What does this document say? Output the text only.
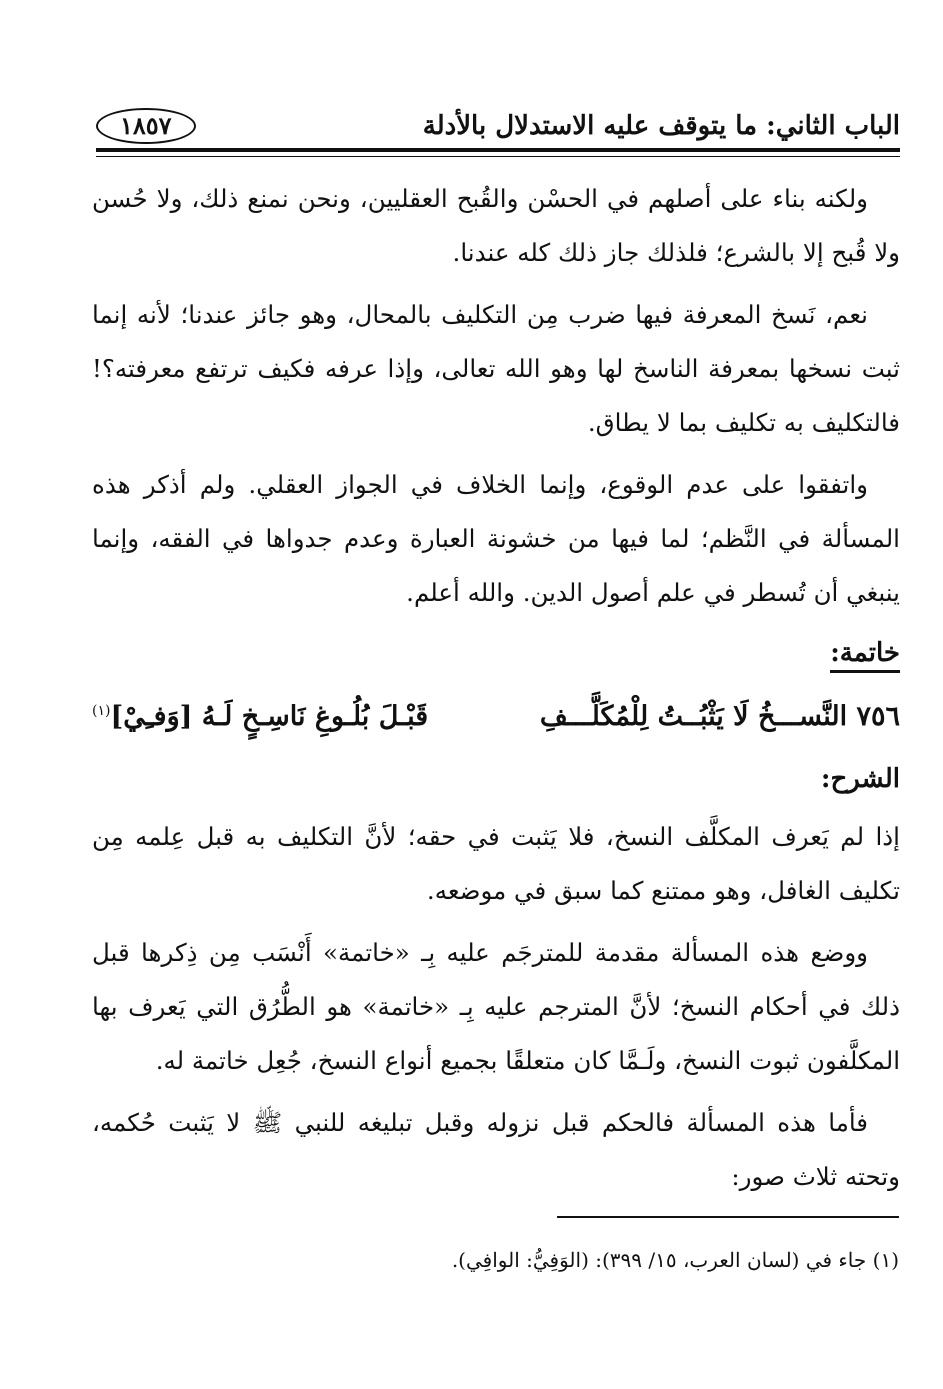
الباب الثاني: ما يتوقف عليه الاستدلال بالأدلة
١٨٥٧

ولكنه بناء على أصلهم في الحسْن والقُبح العقليين، ونحن نمنع ذلك، ولا حُسن ولا قُبح إلا بالشرع؛ فلذلك جاز ذلك كله عندنا.

نعم، نَسخ المعرفة فيها ضرب مِن التكليف بالمحال، وهو جائز عندنا؛ لأنه إنما ثبت نسخها بمعرفة الناسخ لها وهو الله تعالى، وإذا عرفه فكيف ترتفع معرفته؟! فالتكليف به تكليف بما لا يطاق.

واتفقوا على عدم الوقوع، وإنما الخلاف في الجواز العقلي. ولم أذكر هذه المسألة في النَّظم؛ لما فيها من خشونة العبارة وعدم جدواها في الفقه، وإنما ينبغي أن تُسطر في علم أصول الدين. والله أعلم.

خاتمة:
٧٥٦ النَّســـخُ لَا يَثْبُــتُ لِلْمُكَلَّـــفِ
قَبْـلَ بُلُـوغِ نَاسِـخٍ لَـهُ [وَفـِيْ]$^{(١)}$
الشرح:

إذا لم يَعرف المكلَّف النسخ، فلا يَثبت في حقه؛ لأنَّ التكليف به قبل عِلمه مِن تكليف الغافل، وهو ممتنع كما سبق في موضعه.

ووضع هذه المسألة مقدمة للمترجَم عليه بِـ «خاتمة» أَنْسَب مِن ذِكرها قبل ذلك في أحكام النسخ؛ لأنَّ المترجم عليه بِـ «خاتمة» هو الطُّرُق التي يَعرف بها المكلَّفون ثبوت النسخ، ولَـمَّا كان متعلقًا بجميع أنواع النسخ، جُعِل خاتمة له.

فأما هذه المسألة فالحكم قبل نزوله وقبل تبليغه للنبي ﷺ لا يَثبت حُكمه، وتحته ثلاث صور:

(١) جاء في (لسان العرب، ١٥/ ٣٩٩): (الوَفِيُّ: الوافِي).
